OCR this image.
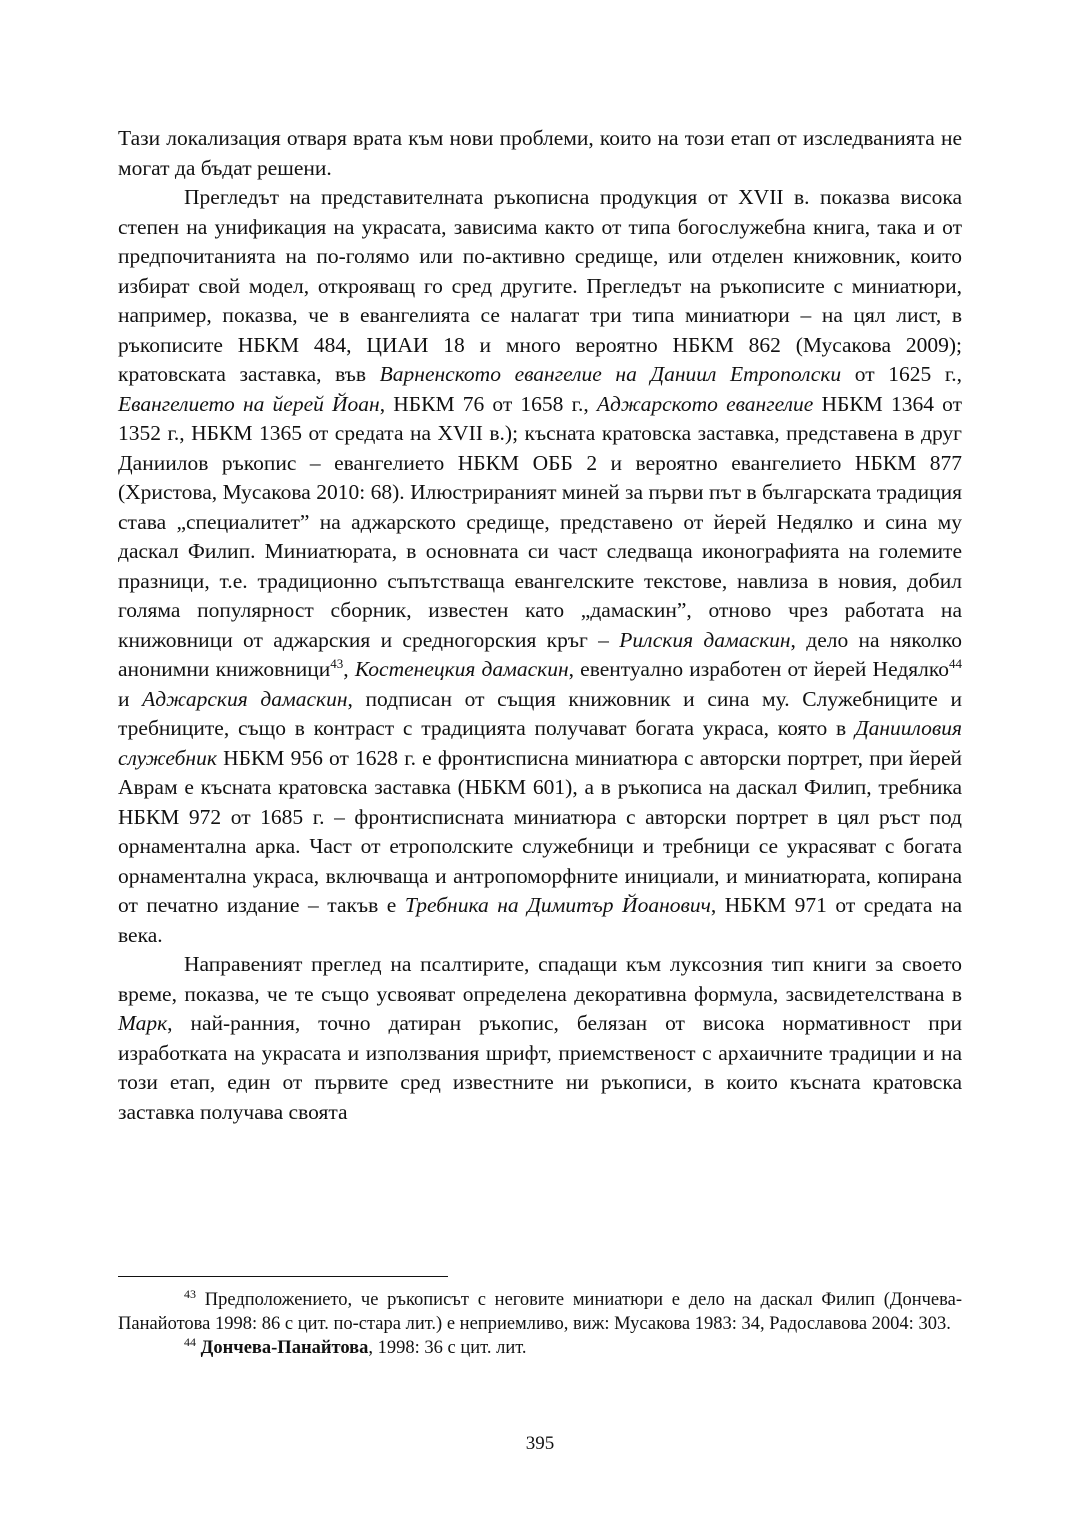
Тази локализация отваря врата към нови проблеми, които на този етап от изследванията не могат да бъдат решени.

Прегледът на представителната ръкописна продукция от XVII в. показва висока степен на унификация на украсата, зависима както от типа богослужебна книга, така и от предпочитанията на по-голямо или по-активно средище, или отделен книжовник, които избират свой модел, открояващ го сред другите. Прегледът на ръкописите с миниатюри, например, показва, че в евангелията се налагат три типа миниатюри – на цял лист, в ръкописите НБКМ 484, ЦИАИ 18 и много вероятно НБКМ 862 (Мусакова 2009); кратовската заставка, във Варненското евангелие на Даниил Етрополски от 1625 г., Евангелието на йерей Йоан, НБКМ 76 от 1658 г., Аджарското евангелие НБКМ 1364 от 1352 г., НБКМ 1365 от средата на XVII в.); късната кратовска заставка, представена в друг Даниилов ръкопис – евангелието НБКМ ОББ 2 и вероятно евангелието НБКМ 877 (Христова, Мусакова 2010: 68). Илюстрираният миней за първи път в българската традиция става „специалитет” на аджарското средище, представено от йерей Недялко и сина му даскал Филип. Миниатюрата, в основната си част следваща иконографията на големите празници, т.е. традиционно съпътстваща евангелските текстове, навлиза в новия, добил голяма популярност сборник, известен като „дамаскин”, отново чрез работата на книжовници от аджарския и средногорския кръг – Рилския дамаскин, дело на няколко анонимни книжовници$^{43}$, Костенецкия дамаскин, евентуално изработен от йерей Недялко$^{44}$ и Аджарския дамаскин, подписан от същия книжовник и сина му. Служебниците и требниците, също в контраст с традицията получават богата украса, която в Данииловия служебник НБКМ 956 от 1628 г. е фронтисписна миниатюра с авторски портрет, при йерей Аврам е късната кратовска заставка (НБКМ 601), а в ръкописа на даскал Филип, требника НБКМ 972 от 1685 г. – фронтисписната миниатюра с авторски портрет в цял ръст под орнаментална арка. Част от етрополските служебници и требници се украсяват с богата орнаментална украса, включваща и антропоморфните инициали, и миниатюрата, копирана от печатно издание – такъв е Требника на Димитър Йоанович, НБКМ 971 от средата на века.

Направеният преглед на псалтирите, спадащи към луксозния тип книги за своето време, показва, че те също усвояват определена декоративна формула, засвидетелствана в Марк, най-ранния, точно датиран ръкопис, белязан от висока нормативност при изработката на украсата и използвания шрифт, приемственост с архаичните традиции и на този етап, един от първите сред известните ни ръкописи, в които късната кратовска заставка получава своята

$^{43}$ Предположението, че ръкописът с неговите миниатюри е дело на даскал Филип (Дончева-Панайотова 1998: 86 с цит. по-стара лит.) е неприемливо, виж: Мусакова 1983: 34, Радославова 2004: 303.

$^{44}$ Дончева-Панайтова, 1998: 36 с цит. лит.

395
